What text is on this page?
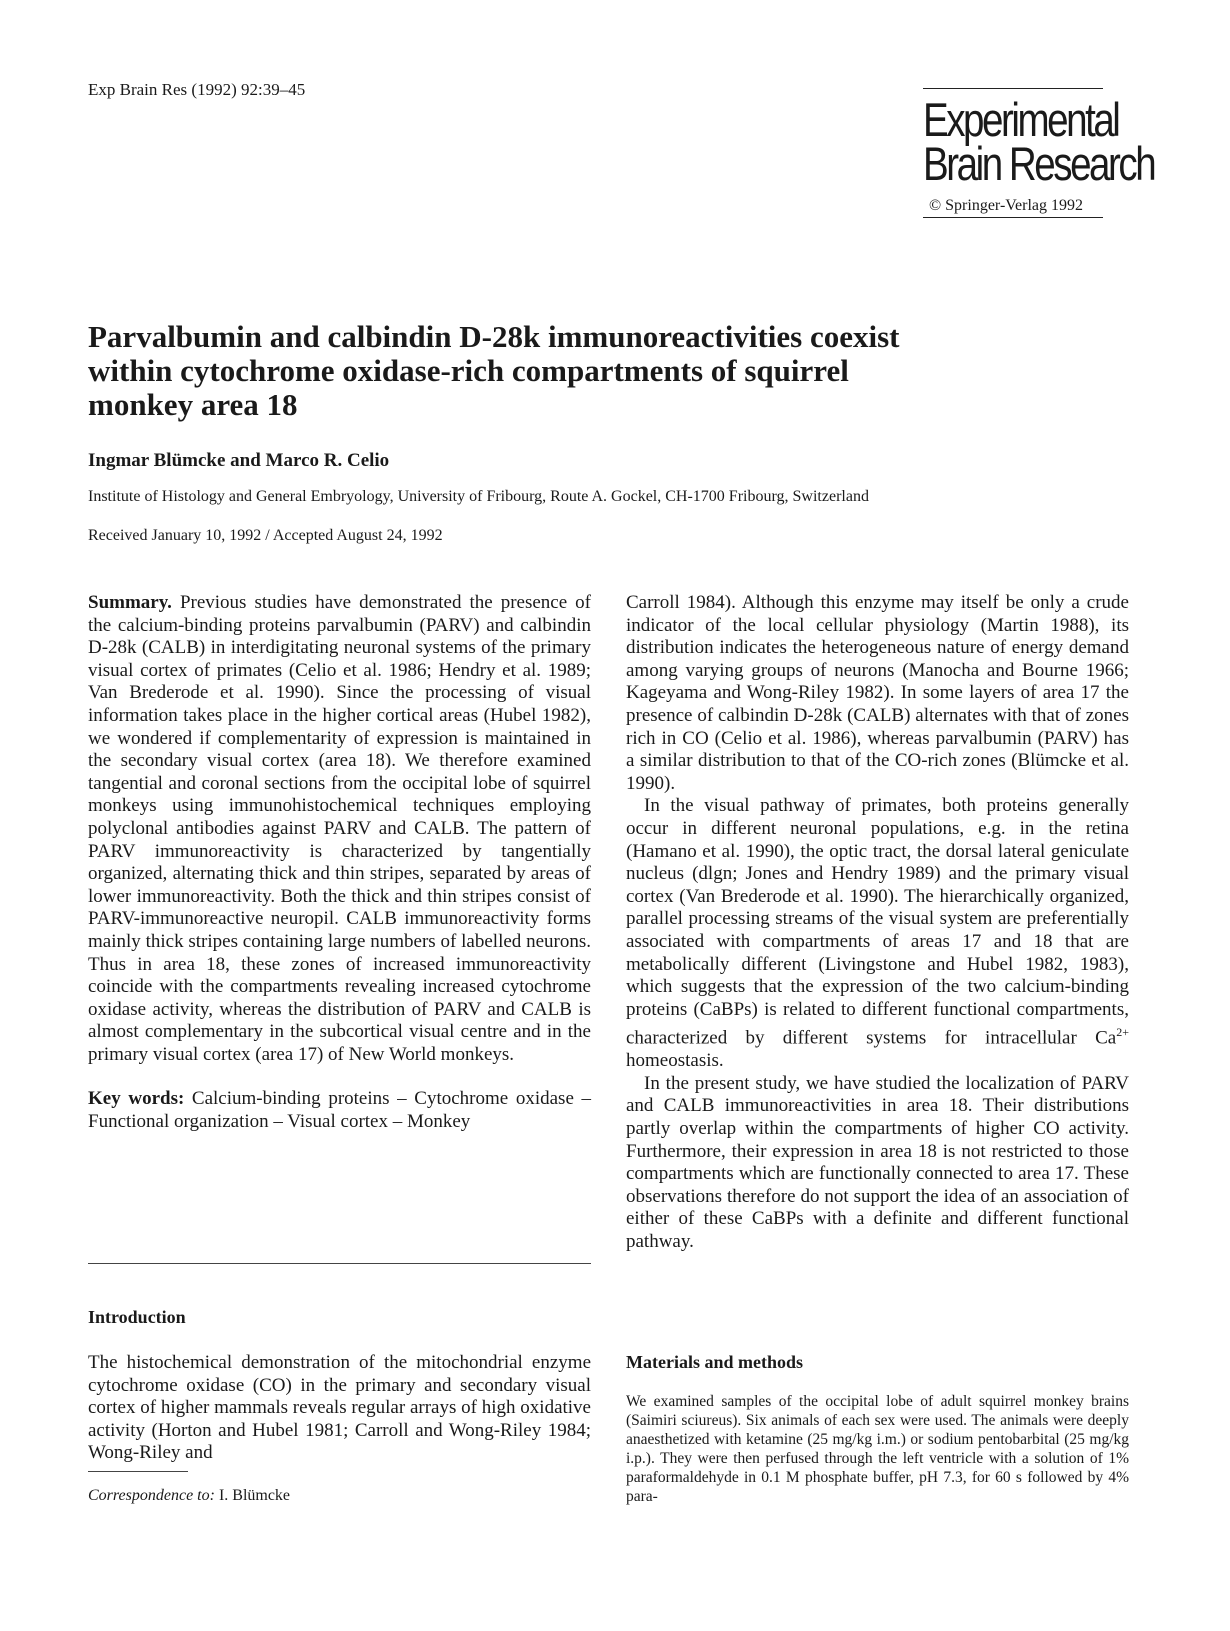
Exp Brain Res (1992) 92:39–45
Experimental
Brain Research
© Springer-Verlag 1992
Parvalbumin and calbindin D-28k immunoreactivities coexist within cytochrome oxidase-rich compartments of squirrel monkey area 18
Ingmar Blümcke and Marco R. Celio
Institute of Histology and General Embryology, University of Fribourg, Route A. Gockel, CH-1700 Fribourg, Switzerland
Received January 10, 1992 / Accepted August 24, 1992

Summary. Previous studies have demonstrated the presence of the calcium-binding proteins parvalbumin (PARV) and calbindin D-28k (CALB) in interdigitating neuronal systems of the primary visual cortex of primates (Celio et al. 1986; Hendry et al. 1989; Van Brederode et al. 1990). Since the processing of visual information takes place in the higher cortical areas (Hubel 1982), we wondered if complementarity of expression is maintained in the secondary visual cortex (area 18). We therefore examined tangential and coronal sections from the occipital lobe of squirrel monkeys using immunohistochemical techniques employing polyclonal antibodies against PARV and CALB. The pattern of PARV immunoreactivity is characterized by tangentially organized, alternating thick and thin stripes, separated by areas of lower immunoreactivity. Both the thick and thin stripes consist of PARV-immunoreactive neuropil. CALB immunoreactivity forms mainly thick stripes containing large numbers of labelled neurons. Thus in area 18, these zones of increased immunoreactivity coincide with the compartments revealing increased cytochrome oxidase activity, whereas the distribution of PARV and CALB is almost complementary in the subcortical visual centre and in the primary visual cortex (area 17) of New World monkeys.

Key words: Calcium-binding proteins – Cytochrome oxidase – Functional organization – Visual cortex – Monkey

Introduction

The histochemical demonstration of the mitochondrial enzyme cytochrome oxidase (CO) in the primary and secondary visual cortex of higher mammals reveals regular arrays of high oxidative activity (Horton and Hubel 1981; Carroll and Wong-Riley 1984; Wong-Riley and

Correspondence to: I. Blümcke

Carroll 1984). Although this enzyme may itself be only a crude indicator of the local cellular physiology (Martin 1988), its distribution indicates the heterogeneous nature of energy demand among varying groups of neurons (Manocha and Bourne 1966; Kageyama and Wong-Riley 1982). In some layers of area 17 the presence of calbindin D-28k (CALB) alternates with that of zones rich in CO (Celio et al. 1986), whereas parvalbumin (PARV) has a similar distribution to that of the CO-rich zones (Blümcke et al. 1990).

In the visual pathway of primates, both proteins generally occur in different neuronal populations, e.g. in the retina (Hamano et al. 1990), the optic tract, the dorsal lateral geniculate nucleus (dlgn; Jones and Hendry 1989) and the primary visual cortex (Van Brederode et al. 1990). The hierarchically organized, parallel processing streams of the visual system are preferentially associated with compartments of areas 17 and 18 that are metabolically different (Livingstone and Hubel 1982, 1983), which suggests that the expression of the two calcium-binding proteins (CaBPs) is related to different functional compartments, characterized by different systems for intracellular $Ca^{2+}$ homeostasis.

In the present study, we have studied the localization of PARV and CALB immunoreactivities in area 18. Their distributions partly overlap within the compartments of higher CO activity. Furthermore, their expression in area 18 is not restricted to those compartments which are functionally connected to area 17. These observations therefore do not support the idea of an association of either of these CaBPs with a definite and different functional pathway.

Materials and methods

We examined samples of the occipital lobe of adult squirrel monkey brains (Saimiri sciureus). Six animals of each sex were used. The animals were deeply anaesthetized with ketamine (25 mg/kg i.m.) or sodium pentobarbital (25 mg/kg i.p.). They were then perfused through the left ventricle with a solution of 1% paraformaldehyde in 0.1 M phosphate buffer, pH 7.3, for 60 s followed by 4% para-
